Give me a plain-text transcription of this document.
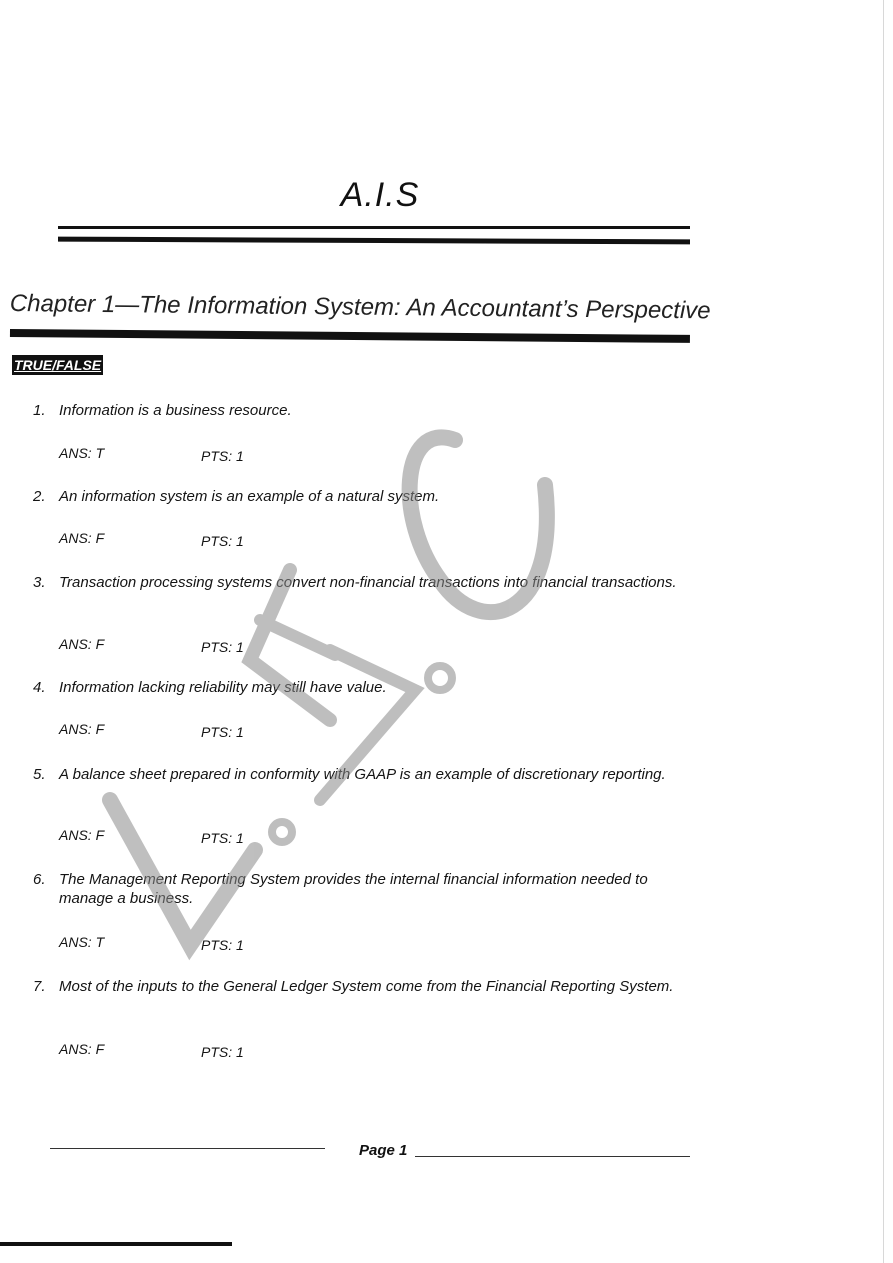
A.I.S
Chapter 1—The Information System: An Accountant’s Perspective
TRUE/FALSE
1. Information is a business resource.
ANS: T	PTS: 1
2. An information system is an example of a natural system.
ANS: F	PTS: 1
3. Transaction processing systems convert non-financial transactions into financial transactions.
ANS: F	PTS: 1
4. Information lacking reliability may still have value.
ANS: F	PTS: 1
5. A balance sheet prepared in conformity with GAAP is an example of discretionary reporting.
ANS: F	PTS: 1
6. The Management Reporting System provides the internal financial information needed to manage a business.
ANS: T	PTS: 1
7. Most of the inputs to the General Ledger System come from the Financial Reporting System.
ANS: F	PTS: 1
Page 1
